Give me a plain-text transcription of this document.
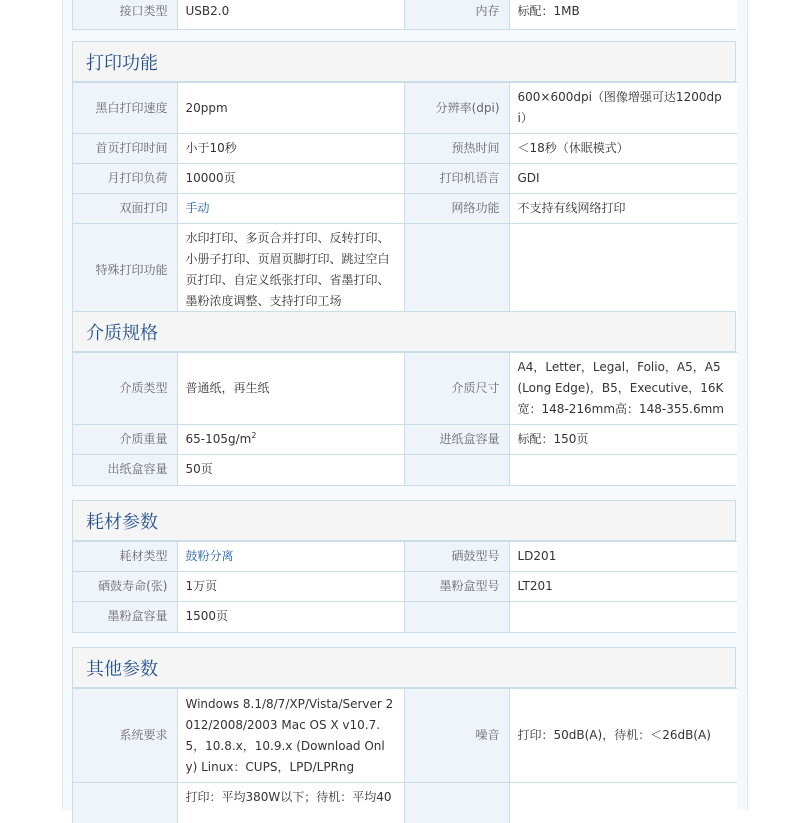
接口类型	USB2.0	内存	标配：1MB
打印功能
黑白打印速度	20ppm	分辨率(dpi)	600×600dpi（图像增强可达1200dpi）
首页打印时间	小于10秒	预热时间	＜18秒（休眠模式）
月打印负荷	10000页	打印机语言	GDI
双面打印	手动	网络功能	不支持有线网络打印
特殊打印功能	水印打印、多页合并打印、反转打印、小册子打印、页眉页脚打印、跳过空白页打印、自定义纸张打印、省墨打印、墨粉浓度调整、支持打印工场		
介质规格
介质类型	普通纸，再生纸	介质尺寸	A4，Letter，Legal，Folio，A5，A5(Long Edge)，B5，Executive，16K宽：148-216mm高：148-355.6mm
介质重量	$65-105g/m^2$	进纸盒容量	标配：150页
出纸盒容量	50页		
耗材参数
耗材类型	鼓粉分离	硒鼓型号	LD201
硒鼓寿命(张)	1万页	墨粉盒型号	LT201
墨粉盒容量	1500页		
其他参数
系统要求	Windows 8.1/8/7/XP/Vista/Server 2012/2008/2003 Mac OS X v10.7.5，10.8.x，10.9.x (Download Only) Linux：CUPS，LPD/LPRng	噪音	打印：50dB(A)，待机：＜26dB(A)
	打印：平均380W以下；待机：平均40		
